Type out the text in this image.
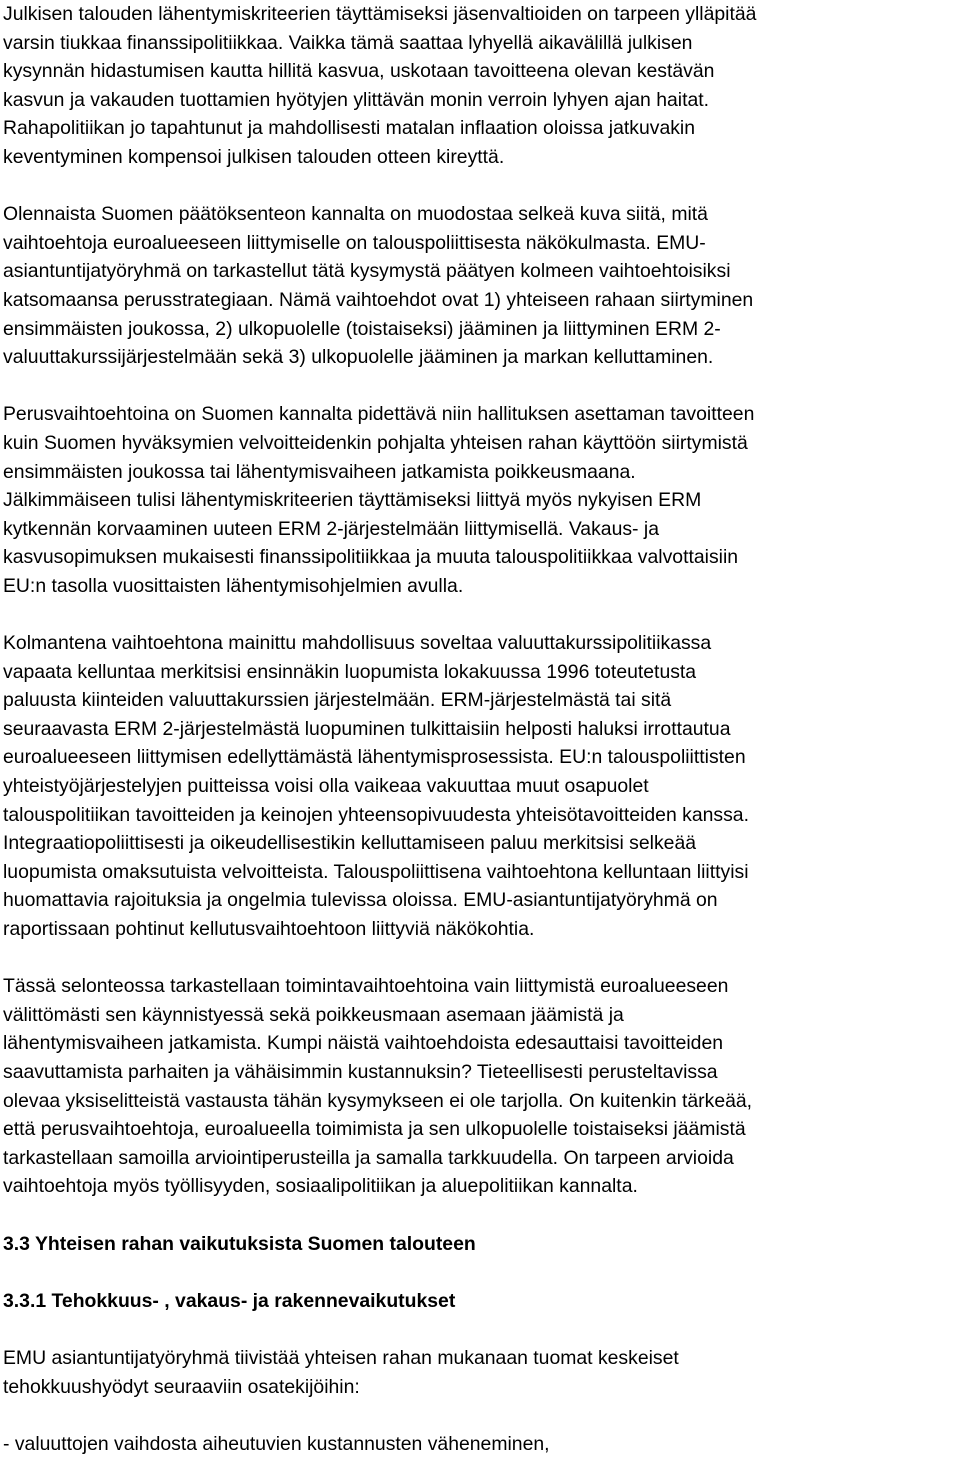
Julkisen talouden lähentymiskriteerien täyttämiseksi jäsenvaltioiden on tarpeen ylläpitää
varsin tiukkaa finanssipolitiikkaa. Vaikka tämä saattaa lyhyellä aikavälillä julkisen
kysynnän hidastumisen kautta hillitä kasvua, uskotaan tavoitteena olevan kestävän
kasvun ja vakauden tuottamien hyötyjen ylittävän monin verroin lyhyen ajan haitat.
Rahapolitiikan jo tapahtunut ja mahdollisesti matalan inflaation oloissa jatkuvakin
keventyminen kompensoi julkisen talouden otteen kireyttä.
Olennaista Suomen päätöksenteon kannalta on muodostaa selkeä kuva siitä, mitä
vaihtoehtoja euroalueeseen liittymiselle on talouspoliittisesta näkökulmasta. EMU-
asiantuntijatyöryhmä on tarkastellut tätä kysymystä päätyen kolmeen vaihtoehtoisiksi
katsomaansa perusstrategiaan. Nämä vaihtoehdot ovat 1) yhteiseen rahaan siirtyminen
ensimmäisten joukossa, 2) ulkopuolelle (toistaiseksi) jääminen ja liittyminen ERM 2-
valuuttakurssijärjestelmään sekä 3) ulkopuolelle jääminen ja markan kelluttaminen.
Perusvaihtoehtoina on Suomen kannalta pidettävä niin hallituksen asettaman tavoitteen
kuin Suomen hyväksymien velvoitteidenkin pohjalta yhteisen rahan käyttöön siirtymistä
ensimmäisten joukossa tai lähentymisvaiheen jatkamista poikkeusmaana.
Jälkimmäiseen tulisi lähentymiskriteerien täyttämiseksi liittyä myös nykyisen ERM
kytkennän korvaaminen uuteen ERM 2-järjestelmään liittymisellä. Vakaus- ja
kasvusopimuksen mukaisesti finanssipolitiikkaa ja muuta talouspolitiikkaa valvottaisiin
EU:n tasolla vuosittaisten lähentymisohjelmien avulla.
Kolmantena vaihtoehtona mainittu mahdollisuus soveltaa valuuttakurssipolitiikassa
vapaata kelluntaa merkitsisi ensinnäkin luopumista lokakuussa 1996 toteutetusta
paluusta kiinteiden valuuttakurssien järjestelmään. ERM-järjestelmästä tai sitä
seuraavasta ERM 2-järjestelmästä luopuminen tulkittaisiin helposti haluksi irrottautua
euroalueeseen liittymisen edellyttämästä lähentymisprosessista. EU:n talouspoliittisten
yhteistyöjärjestelyjen puitteissa voisi olla vaikeaa vakuuttaa muut osapuolet
talouspolitiikan tavoitteiden ja keinojen yhteensopivuudesta yhteisötavoitteiden kanssa.
Integraatiopoliittisesti ja oikeudellisestikin kelluttamiseen paluu merkitsisi selkeää
luopumista omaksutuista velvoitteista. Talouspoliittisena vaihtoehtona kelluntaan liittyisi
huomattavia rajoituksia ja ongelmia tulevissa oloissa. EMU-asiantuntijatyöryhmä on
raportissaan pohtinut kellutusvaihtoehtoon liittyviä näkökohtia.
Tässä selonteossa tarkastellaan toimintavaihtoehtoina vain liittymistä euroalueeseen
välittömästi sen käynnistyessä sekä poikkeusmaan asemaan jäämistä ja
lähentymisvaiheen jatkamista. Kumpi näistä vaihtoehdoista edesauttaisi tavoitteiden
saavuttamista parhaiten ja vähäisimmin kustannuksin? Tieteellisesti perusteltavissa
olevaa yksiselitteistä vastausta tähän kysymykseen ei ole tarjolla. On kuitenkin tärkeää,
että perusvaihtoehtoja, euroalueella toimimista ja sen ulkopuolelle toistaiseksi jäämistä
tarkastellaan samoilla arviointiperusteilla ja samalla tarkkuudella. On tarpeen arvioida
vaihtoehtoja myös työllisyyden, sosiaalipolitiikan ja aluepolitiikan kannalta.
3.3 Yhteisen rahan vaikutuksista Suomen talouteen
3.3.1 Tehokkuus- , vakaus- ja rakennevaikutukset
EMU asiantuntijatyöryhmä tiivistää yhteisen rahan mukanaan tuomat keskeiset
tehokkuushyödyt seuraaviin osatekijöihin:
- valuuttojen vaihdosta aiheutuvien kustannusten väheneminen,
